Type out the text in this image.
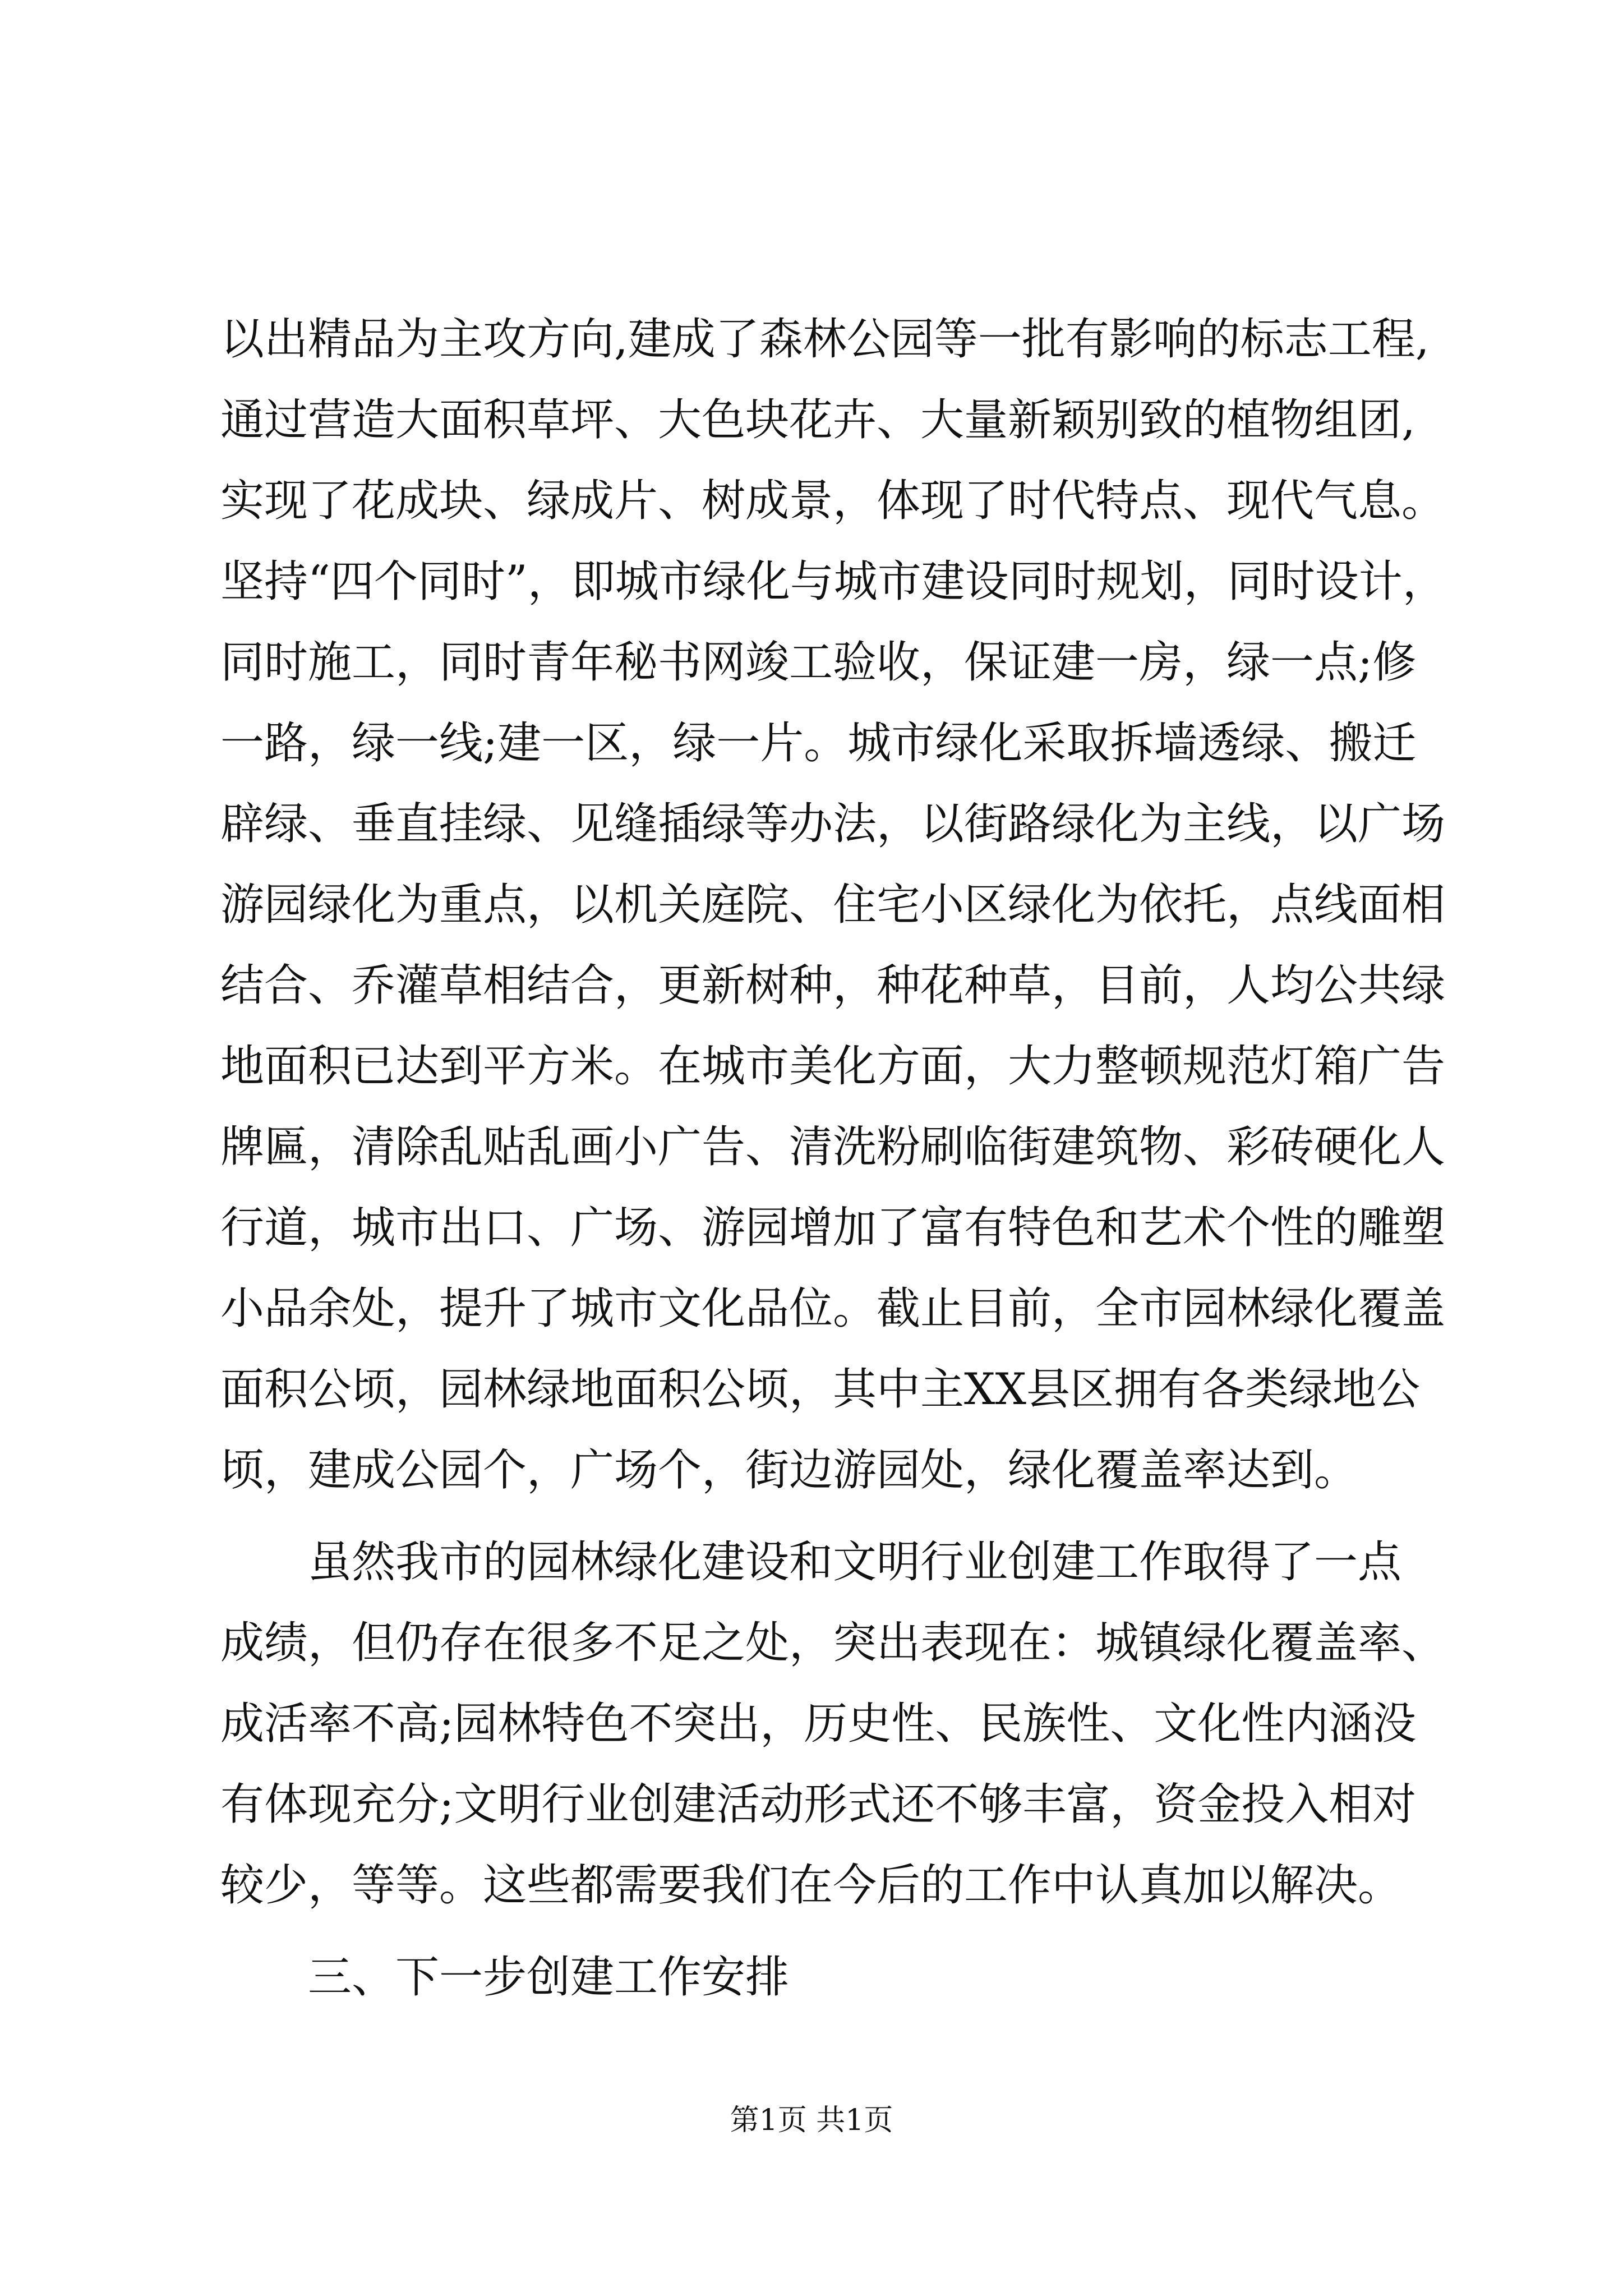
以出精品为主攻方向,建成了森林公园等一批有影响的标志工程,
通过营造大面积草坪、大色块花卉、大量新颖别致的植物组团,
实现了花成块、绿成片、树成景，体现了时代特点、现代气息。
坚持“四个同时”，即城市绿化与城市建设同时规划，同时设计，
同时施工，同时青年秘书网竣工验收，保证建一房，绿一点;修
一路，绿一线;建一区，绿一片。城市绿化采取拆墙透绿、搬迁
辟绿、垂直挂绿、见缝插绿等办法，以街路绿化为主线，以广场
游园绿化为重点，以机关庭院、住宅小区绿化为依托，点线面相
结合、乔灌草相结合，更新树种，种花种草，目前，人均公共绿
地面积已达到平方米。在城市美化方面，大力整顿规范灯箱广告
牌匾，清除乱贴乱画小广告、清洗粉刷临街建筑物、彩砖硬化人
行道，城市出口、广场、游园增加了富有特色和艺术个性的雕塑
小品余处，提升了城市文化品位。截止目前，全市园林绿化覆盖
面积公顷，园林绿地面积公顷，其中主XX县区拥有各类绿地公
顷，建成公园个，广场个，街边游园处，绿化覆盖率达到。
虽然我市的园林绿化建设和文明行业创建工作取得了一点
成绩，但仍存在很多不足之处，突出表现在：城镇绿化覆盖率、
成活率不高;园林特色不突出，历史性、民族性、文化性内涵没
有体现充分;文明行业创建活动形式还不够丰富，资金投入相对
较少，等等。这些都需要我们在今后的工作中认真加以解决。
三、下一步创建工作安排
第1页 共1页
